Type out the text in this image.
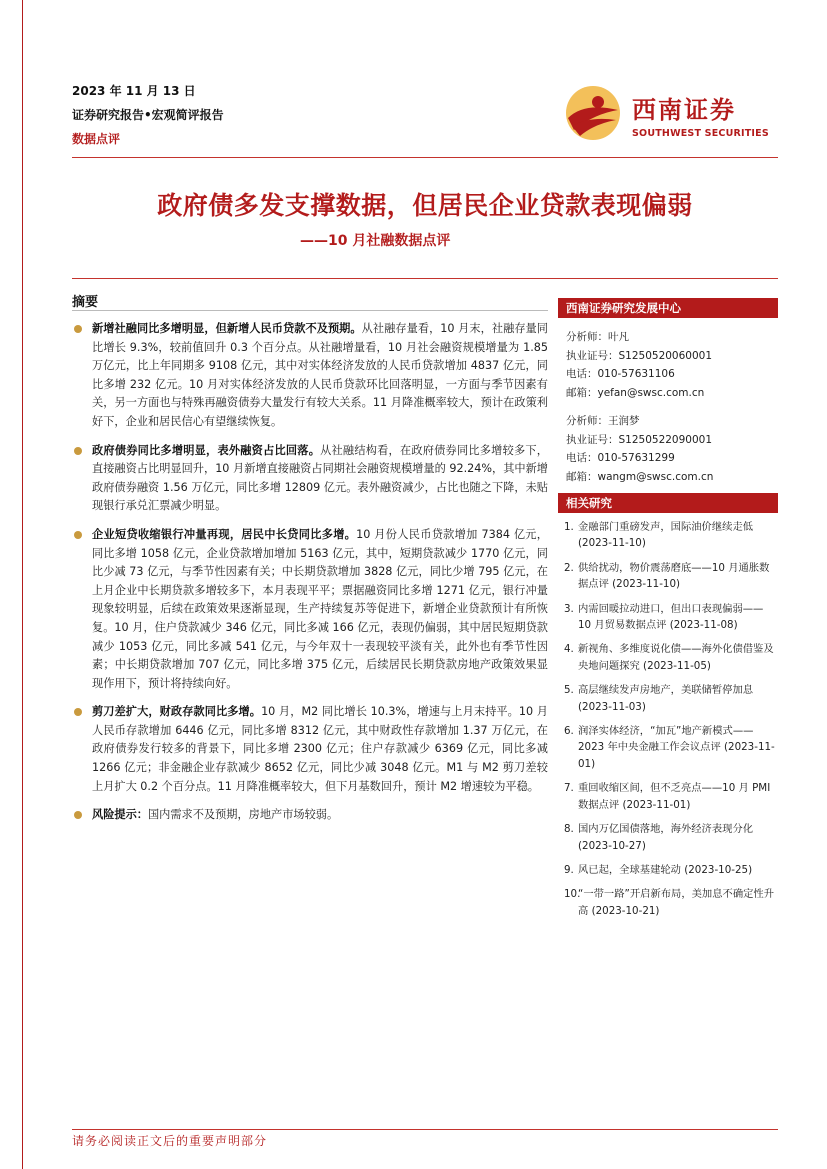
2023 年 11 月 13 日
证券研究报告•宏观简评报告
数据点评
西南证券
SOUTHWEST SECURITIES
政府债多发支撑数据，但居民企业贷款表现偏弱
——10 月社融数据点评
摘要
新增社融同比多增明显，但新增人民币贷款不及预期。从社融存量看，10 月末，社融存量同比增长 9.3%，较前值回升 0.3 个百分点。从社融增量看，10 月社会融资规模增量为 1.85 万亿元，比上年同期多 9108 亿元，其中对实体经济发放的人民币贷款增加 4837 亿元，同比多增 232 亿元。10 月对实体经济发放的人民币贷款环比回落明显，一方面与季节因素有关，另一方面也与特殊再融资债券大量发行有较大关系。11 月降准概率较大，预计在政策利好下，企业和居民信心有望继续恢复。
政府债券同比多增明显，表外融资占比回落。从社融结构看，在政府债券同比多增较多下，直接融资占比明显回升，10 月新增直接融资占同期社会融资规模增量的 92.24%，其中新增政府债券融资 1.56 万亿元，同比多增 12809 亿元。表外融资减少，占比也随之下降，未贴现银行承兑汇票减少明显。
企业短贷收缩银行冲量再现，居民中长贷同比多增。10 月份人民币贷款增加 7384 亿元，同比多增 1058 亿元，企业贷款增加增加 5163 亿元，其中，短期贷款减少 1770 亿元，同比少减 73 亿元，与季节性因素有关；中长期贷款增加 3828 亿元，同比少增 795 亿元，在上月企业中长期贷款多增较多下，本月表现平平；票据融资同比多增 1271 亿元，银行冲量现象较明显，后续在政策效果逐渐显现，生产持续复苏等促进下，新增企业贷款预计有所恢复。10 月，住户贷款减少 346 亿元，同比多减 166 亿元，表现仍偏弱，其中居民短期贷款减少 1053 亿元，同比多减 541 亿元，与今年双十一表现较平淡有关，此外也有季节性因素；中长期贷款增加 707 亿元，同比多增 375 亿元，后续居民长期贷款房地产政策效果显现作用下，预计将持续向好。
剪刀差扩大，财政存款同比多增。10 月，M2 同比增长 10.3%，增速与上月末持平。10 月人民币存款增加 6446 亿元，同比多增 8312 亿元，其中财政性存款增加 1.37 万亿元，在政府债券发行较多的背景下，同比多增 2300 亿元；住户存款减少 6369 亿元，同比多减 1266 亿元；非金融企业存款减少 8652 亿元，同比少减 3048 亿元。M1 与 M2 剪刀差较上月扩大 0.2 个百分点。11 月降准概率较大，但下月基数回升，预计 M2 增速较为平稳。
风险提示：国内需求不及预期，房地产市场较弱。
西南证券研究发展中心
分析师：叶凡
执业证号：S1250520060001
电话：010-57631106
邮箱：yefan@swsc.com.cn
分析师：王润梦
执业证号：S1250522090001
电话：010-57631299
邮箱：wangm@swsc.com.cn
相关研究
1. 金融部门重磅发声，国际油价继续走低 (2023-11-10)
2. 供给扰动，物价震荡磨底——10 月通胀数据点评 (2023-11-10)
3. 内需回暖拉动进口，但出口表现偏弱——10 月贸易数据点评 (2023-11-08)
4. 新视角、多维度说化债——海外化债借鉴及央地问题探究 (2023-11-05)
5. 高层继续发声房地产，美联储暂停加息 (2023-11-03)
6. 润泽实体经济，“加瓦”地产新模式——2023 年中央金融工作会议点评 (2023-11-01)
7. 重回收缩区间，但不乏亮点——10 月 PMI 数据点评 (2023-11-01)
8. 国内万亿国债落地，海外经济表现分化 (2023-10-27)
9. 风已起，全球基建轮动 (2023-10-25)
10.
“一带一路”开启新布局，美加息不确定性升高 (2023-10-21)
请务必阅读正文后的重要声明部分
